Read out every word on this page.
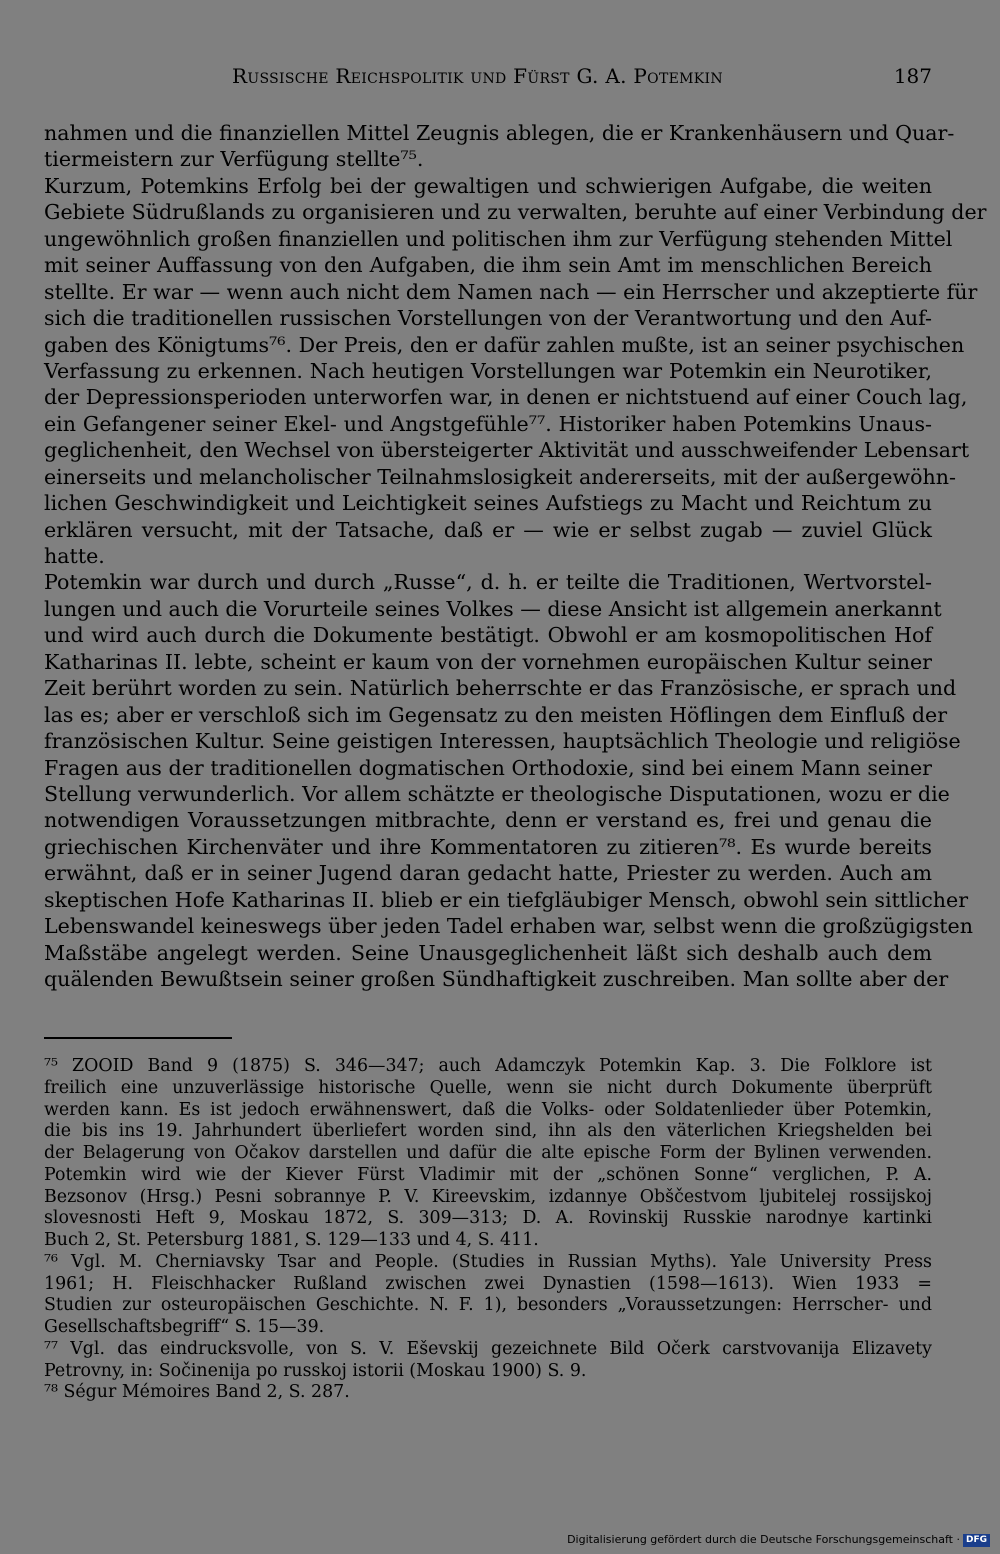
Russische Reichspolitik und Fürst G. A. Potemkin	187
nahmen und die finanziellen Mittel Zeugnis ablegen, die er Krankenhäusern und Quar-
tiermeistern zur Verfügung stellte⁷⁵.
Kurzum, Potemkins Erfolg bei der gewaltigen und schwierigen Aufgabe, die weiten
Gebiete Südrußlands zu organisieren und zu verwalten, beruhte auf einer Verbindung der
ungewöhnlich großen finanziellen und politischen ihm zur Verfügung stehenden Mittel
mit seiner Auffassung von den Aufgaben, die ihm sein Amt im menschlichen Bereich
stellte. Er war — wenn auch nicht dem Namen nach — ein Herrscher und akzeptierte für
sich die traditionellen russischen Vorstellungen von der Verantwortung und den Auf-
gaben des Königtums⁷⁶. Der Preis, den er dafür zahlen mußte, ist an seiner psychischen
Verfassung zu erkennen. Nach heutigen Vorstellungen war Potemkin ein Neurotiker,
der Depressionsperioden unterworfen war, in denen er nichtstuend auf einer Couch lag,
ein Gefangener seiner Ekel- und Angstgefühle⁷⁷. Historiker haben Potemkins Unaus-
geglichenheit, den Wechsel von übersteigerter Aktivität und ausschweifender Lebensart
einerseits und melancholischer Teilnahmslosigkeit andererseits, mit der außergewöhn-
lichen Geschwindigkeit und Leichtigkeit seines Aufstiegs zu Macht und Reichtum zu
erklären versucht, mit der Tatsache, daß er — wie er selbst zugab — zuviel Glück
hatte.
Potemkin war durch und durch „Russe“, d. h. er teilte die Traditionen, Wertvorstel-
lungen und auch die Vorurteile seines Volkes — diese Ansicht ist allgemein anerkannt
und wird auch durch die Dokumente bestätigt. Obwohl er am kosmopolitischen Hof
Katharinas II. lebte, scheint er kaum von der vornehmen europäischen Kultur seiner
Zeit berührt worden zu sein. Natürlich beherrschte er das Französische, er sprach und
las es; aber er verschloß sich im Gegensatz zu den meisten Höflingen dem Einfluß der
französischen Kultur. Seine geistigen Interessen, hauptsächlich Theologie und religiöse
Fragen aus der traditionellen dogmatischen Orthodoxie, sind bei einem Mann seiner
Stellung verwunderlich. Vor allem schätzte er theologische Disputationen, wozu er die
notwendigen Voraussetzungen mitbrachte, denn er verstand es, frei und genau die
griechischen Kirchenväter und ihre Kommentatoren zu zitieren⁷⁸. Es wurde bereits
erwähnt, daß er in seiner Jugend daran gedacht hatte, Priester zu werden. Auch am
skeptischen Hofe Katharinas II. blieb er ein tiefgläubiger Mensch, obwohl sein sittlicher
Lebenswandel keineswegs über jeden Tadel erhaben war, selbst wenn die großzügigsten
Maßstäbe angelegt werden. Seine Unausgeglichenheit läßt sich deshalb auch dem
quälenden Bewußtsein seiner großen Sündhaftigkeit zuschreiben. Man sollte aber der
⁷⁵ ZOOID Band 9 (1875) S. 346—347; auch Adamczyk Potemkin Kap. 3. Die Folklore ist
freilich eine unzuverlässige historische Quelle, wenn sie nicht durch Dokumente überprüft
werden kann. Es ist jedoch erwähnenswert, daß die Volks- oder Soldatenlieder über Potemkin,
die bis ins 19. Jahrhundert überliefert worden sind, ihn als den väterlichen Kriegshelden bei
der Belagerung von Očakov darstellen und dafür die alte epische Form der Bylinen verwenden.
Potemkin wird wie der Kiever Fürst Vladimir mit der „schönen Sonne“ verglichen, P. A.
Bezsonov (Hrsg.) Pesni sobrannye P. V. Kireevskim, izdannye Obščestvom ljubitelej rossijskoj
slovesnosti Heft 9, Moskau 1872, S. 309—313; D. A. Rovinskij Russkie narodnye kartinki
Buch 2, St. Petersburg 1881, S. 129—133 und 4, S. 411.
⁷⁶ Vgl. M. Cherniavsky Tsar and People. (Studies in Russian Myths). Yale University Press
1961; H. Fleischhacker Rußland zwischen zwei Dynastien (1598—1613). Wien 1933 =
Studien zur osteuropäischen Geschichte. N. F. 1), besonders „Voraussetzungen: Herrscher- und
Gesellschaftsbegriff“ S. 15—39.
⁷⁷ Vgl. das eindrucksvolle, von S. V. Eševskij gezeichnete Bild Očerk carstvovanija Elizavety
Petrovny, in: Sočinenija po russkoj istorii (Moskau 1900) S. 9.
⁷⁸ Ségur Mémoires Band 2, S. 287.
Digitalisierung gefördert durch die Deutsche Forschungsgemeinschaft · DFG
